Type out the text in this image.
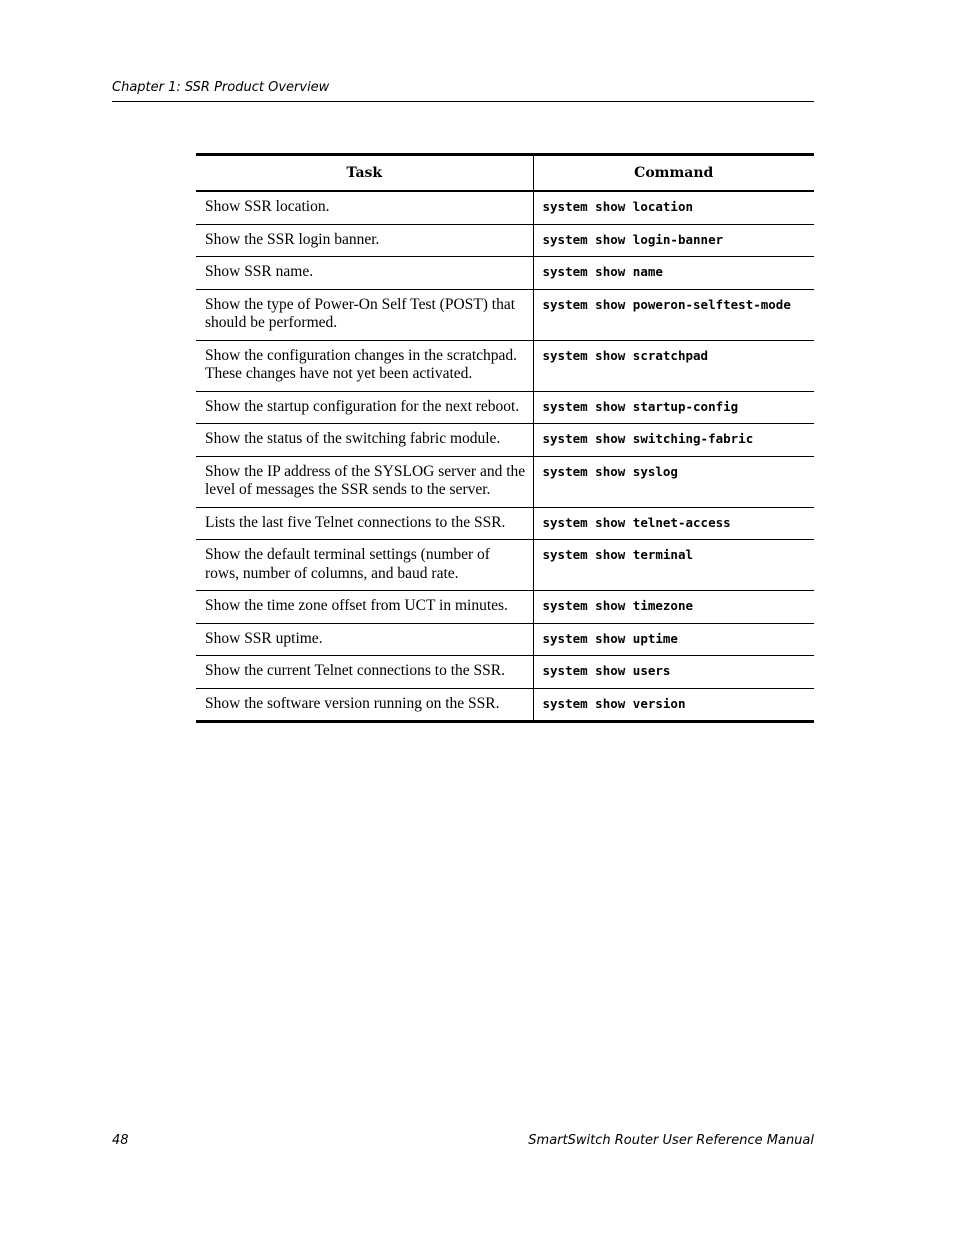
Chapter 1: SSR Product Overview
Task	Command
Show SSR location.	system show location
Show the SSR login banner.	system show login-banner
Show SSR name.	system show name
Show the type of Power-On Self Test (POST) that should be performed.	system show poweron-selftest-mode
Show the configuration changes in the scratchpad. These changes have not yet been activated.	system show scratchpad
Show the startup configuration for the next reboot.	system show startup-config
Show the status of the switching fabric module.	system show switching-fabric
Show the IP address of the SYSLOG server and the level of messages the SSR sends to the server.	system show syslog
Lists the last five Telnet connections to the SSR.	system show telnet-access
Show the default terminal settings (number of rows, number of columns, and baud rate.	system show terminal
Show the time zone offset from UCT in minutes.	system show timezone
Show SSR uptime.	system show uptime
Show the current Telnet connections to the SSR.	system show users
Show the software version running on the SSR.	system show version
48	SmartSwitch Router User Reference Manual
